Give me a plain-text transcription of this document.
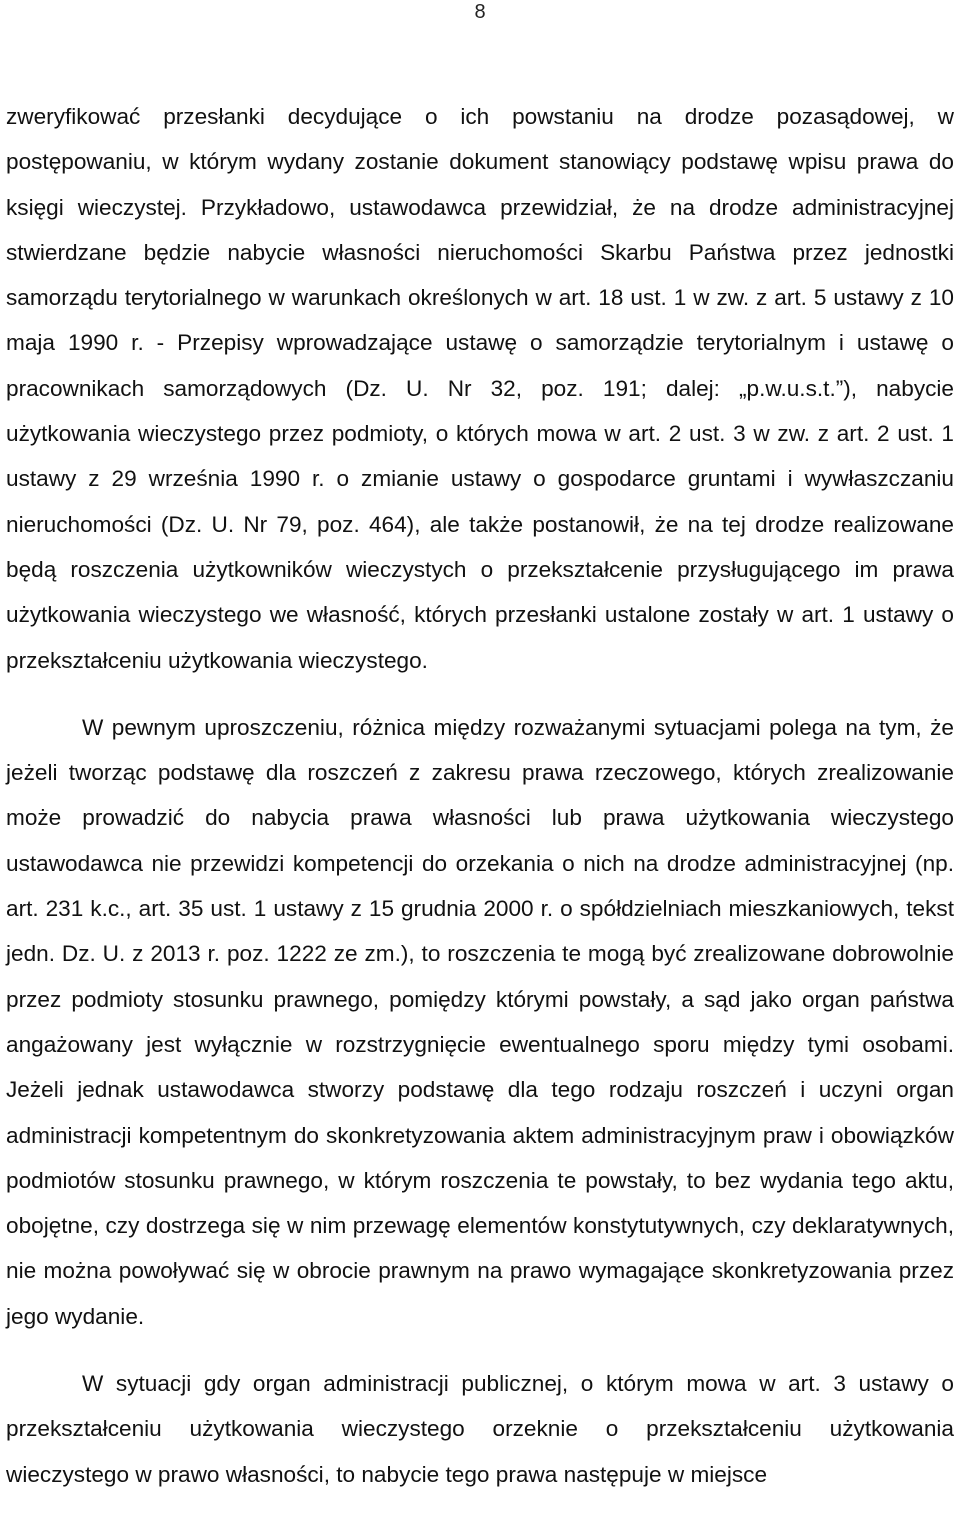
8

zweryfikować przesłanki decydujące o ich powstaniu na drodze pozasądowej, w postępowaniu, w którym wydany zostanie dokument stanowiący podstawę wpisu prawa do księgi wieczystej. Przykładowo, ustawodawca przewidział, że na drodze administracyjnej stwierdzane będzie nabycie własności nieruchomości Skarbu Państwa przez jednostki samorządu terytorialnego w warunkach określonych w art. 18 ust. 1 w zw. z art. 5 ustawy z 10 maja 1990 r. - Przepisy wprowadzające ustawę o samorządzie terytorialnym i ustawę o pracownikach samorządowych (Dz. U. Nr 32, poz. 191; dalej: „p.w.u.s.t.”), nabycie użytkowania wieczystego przez podmioty, o których mowa w art. 2 ust. 3 w zw. z art. 2 ust. 1 ustawy z 29 września 1990 r. o zmianie ustawy o gospodarce gruntami i wywłaszczaniu nieruchomości (Dz. U. Nr 79, poz. 464), ale także postanowił, że na tej drodze realizowane będą roszczenia użytkowników wieczystych o przekształcenie przysługującego im prawa użytkowania wieczystego we własność, których przesłanki ustalone zostały w art. 1 ustawy o przekształceniu użytkowania wieczystego.

W pewnym uproszczeniu, różnica między rozważanymi sytuacjami polega na tym, że jeżeli tworząc podstawę dla roszczeń z zakresu prawa rzeczowego, których zrealizowanie może prowadzić do nabycia prawa własności lub prawa użytkowania wieczystego ustawodawca nie przewidzi kompetencji do orzekania o nich na drodze administracyjnej (np. art. 231 k.c., art. 35 ust. 1 ustawy z 15 grudnia 2000 r. o spółdzielniach mieszkaniowych, tekst jedn. Dz. U. z 2013 r. poz. 1222 ze zm.), to roszczenia te mogą być zrealizowane dobrowolnie przez podmioty stosunku prawnego, pomiędzy którymi powstały, a sąd jako organ państwa angażowany jest wyłącznie w rozstrzygnięcie ewentualnego sporu między tymi osobami. Jeżeli jednak ustawodawca stworzy podstawę dla tego rodzaju roszczeń i uczyni organ administracji kompetentnym do skonkretyzowania aktem administracyjnym praw i obowiązków podmiotów stosunku prawnego, w którym roszczenia te powstały, to bez wydania tego aktu, obojętne, czy dostrzega się w nim przewagę elementów konstytutywnych, czy deklaratywnych, nie można powoływać się w obrocie prawnym na prawo wymagające skonkretyzowania przez jego wydanie.

W sytuacji gdy organ administracji publicznej, o którym mowa w art. 3 ustawy o przekształceniu użytkowania wieczystego orzeknie o przekształceniu użytkowania wieczystego w prawo własności, to nabycie tego prawa następuje w miejsce
